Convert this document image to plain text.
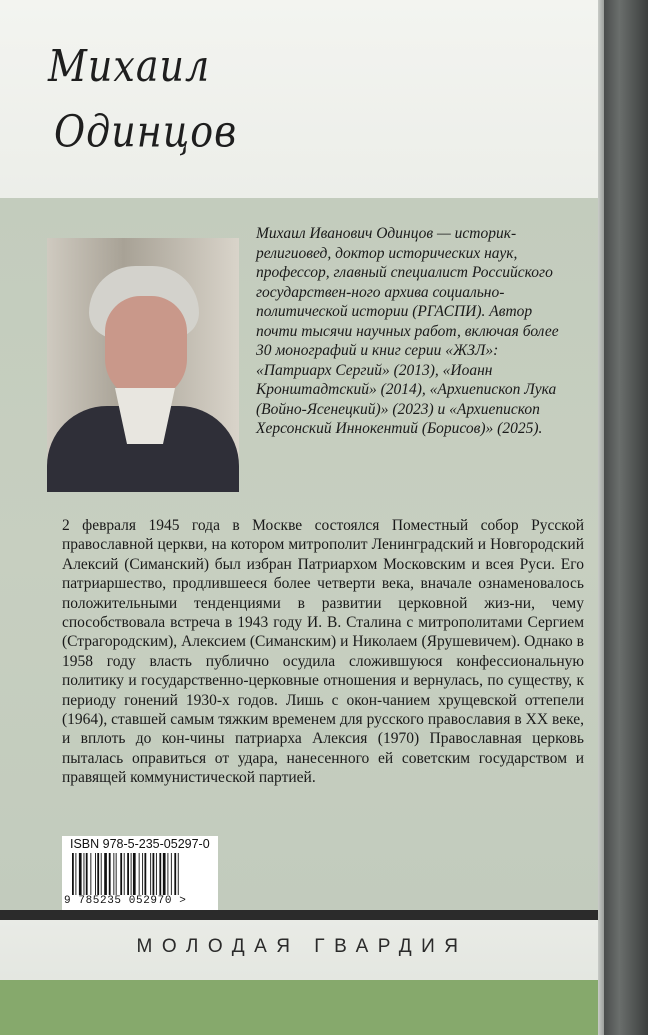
Михаил
Одинцов

Михаил Иванович Одинцов — историк-религиовед, доктор исторических наук, профессор, главный специалист Российского государствен-ного архива социально-политической истории (РГАСПИ). Автор почти тысячи научных работ, включая более 30 монографий и книг серии «ЖЗЛ»: «Патриарх Сергий» (2013), «Иоанн Кронштадтский» (2014), «Архиепископ Лука (Войно-Ясенецкий)» (2023) и «Архиепископ Херсонский Иннокентий (Борисов)» (2025).

2 февраля 1945 года в Москве состоялся Поместный собор Русской православной церкви, на котором митрополит Ленинградский и Новгородский Алексий (Симанский) был избран Патриархом Московским и всея Руси. Его патриаршество, продлившееся более четверти века, вначале ознаменовалось положительными тенденциями в развитии церковной жиз-ни, чему способствовала встреча в 1943 году И. В. Сталина с митрополитами Сергием (Страгородским), Алексием (Симанским) и Николаем (Ярушевичем). Однако в 1958 году власть публично осудила сложившуюся конфессиональную политику и государственно-церковные отношения и вернулась, по существу, к периоду гонений 1930-х годов. Лишь с окон-чанием хрущевской оттепели (1964), ставшей самым тяжким временем для русского православия в XX веке, и вплоть до кон-чины патриарха Алексия (1970) Православная церковь пыталась оправиться от удара, нанесенного ей советским государством и правящей коммунистической партией.

ISBN 978-5-235-05297-0
9 785235 052970 >
МОЛОДАЯ ГВАРДИЯ
